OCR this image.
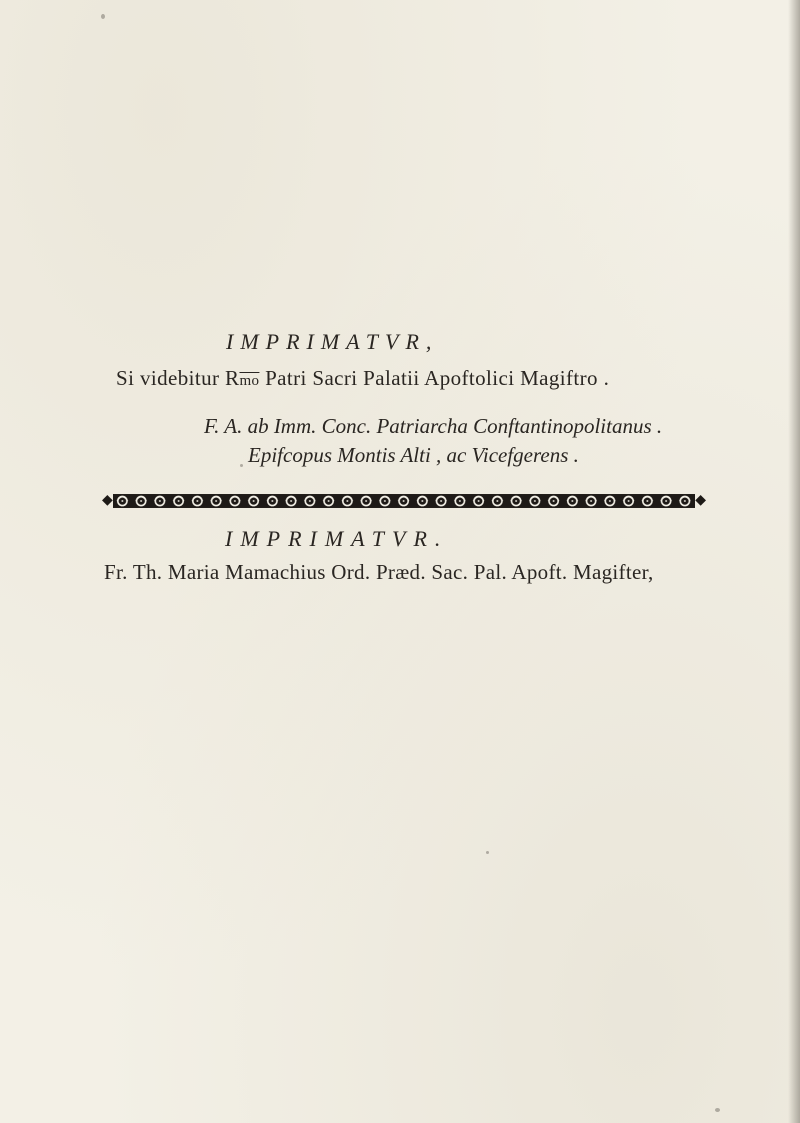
IMPRIMATVR,
Si videbitur $R\overline{mo}$ Patri Sacri Palatii Apoftolici Magiftro .
F. A. ab Imm. Conc. Patriarcha Conftantinopolitanus .
Epifcopus Montis Alti , ac Vicefgerens .
◆	◆
IMPRIMATVR.
Fr. Th. Maria Mamachius Ord. Præd. Sac. Pal. Apoft. Magifter,
